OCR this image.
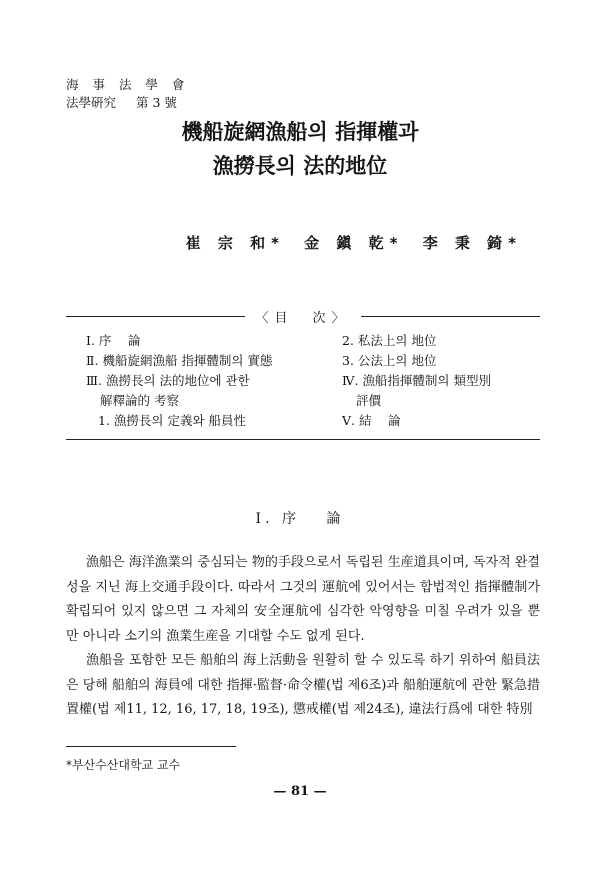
海 事 法 學 會
法學硏究 第 3 號
機船旋網漁船의 指揮權과
漁撈長의 法的地位
崔 宗 和* 金 鎭 乾* 李 秉 錡*
〈目　次〉
Ⅰ. 序　 論
Ⅱ. 機船旋網漁船 指揮體制의 實態
Ⅲ. 漁撈長의 法的地位에 관한
解釋論的 考察
1. 漁撈長의 定義와 船員性
2. 私法上의 地位
3. 公法上의 地位
Ⅳ. 漁船指揮體制의 類型別
評價
Ⅴ. 結　 論
Ⅰ. 序　 論

漁船은 海洋漁業의 중심되는 物的手段으로서 독립된 生産道具이며, 독자적 완결성을 지닌 海上交通手段이다. 따라서 그것의 運航에 있어서는 합법적인 指揮體制가 확립되어 있지 않으면 그 자체의 安全運航에 심각한 악영향을 미칠 우려가 있을 뿐만 아니라 소기의 漁業生産을 기대할 수도 없게 된다.

漁船을 포함한 모든 船舶의 海上活動을 원활히 할 수 있도록 하기 위하여 船員法은 당해 船舶의 海員에 대한 指揮·監督·命令權(법 제6조)과 船舶運航에 관한 緊急措置權(법 제11, 12, 16, 17, 18, 19조), 懲戒權(법 제24조), 違法行爲에 대한 特別

*부산수산대학교 교수
— 81 —
